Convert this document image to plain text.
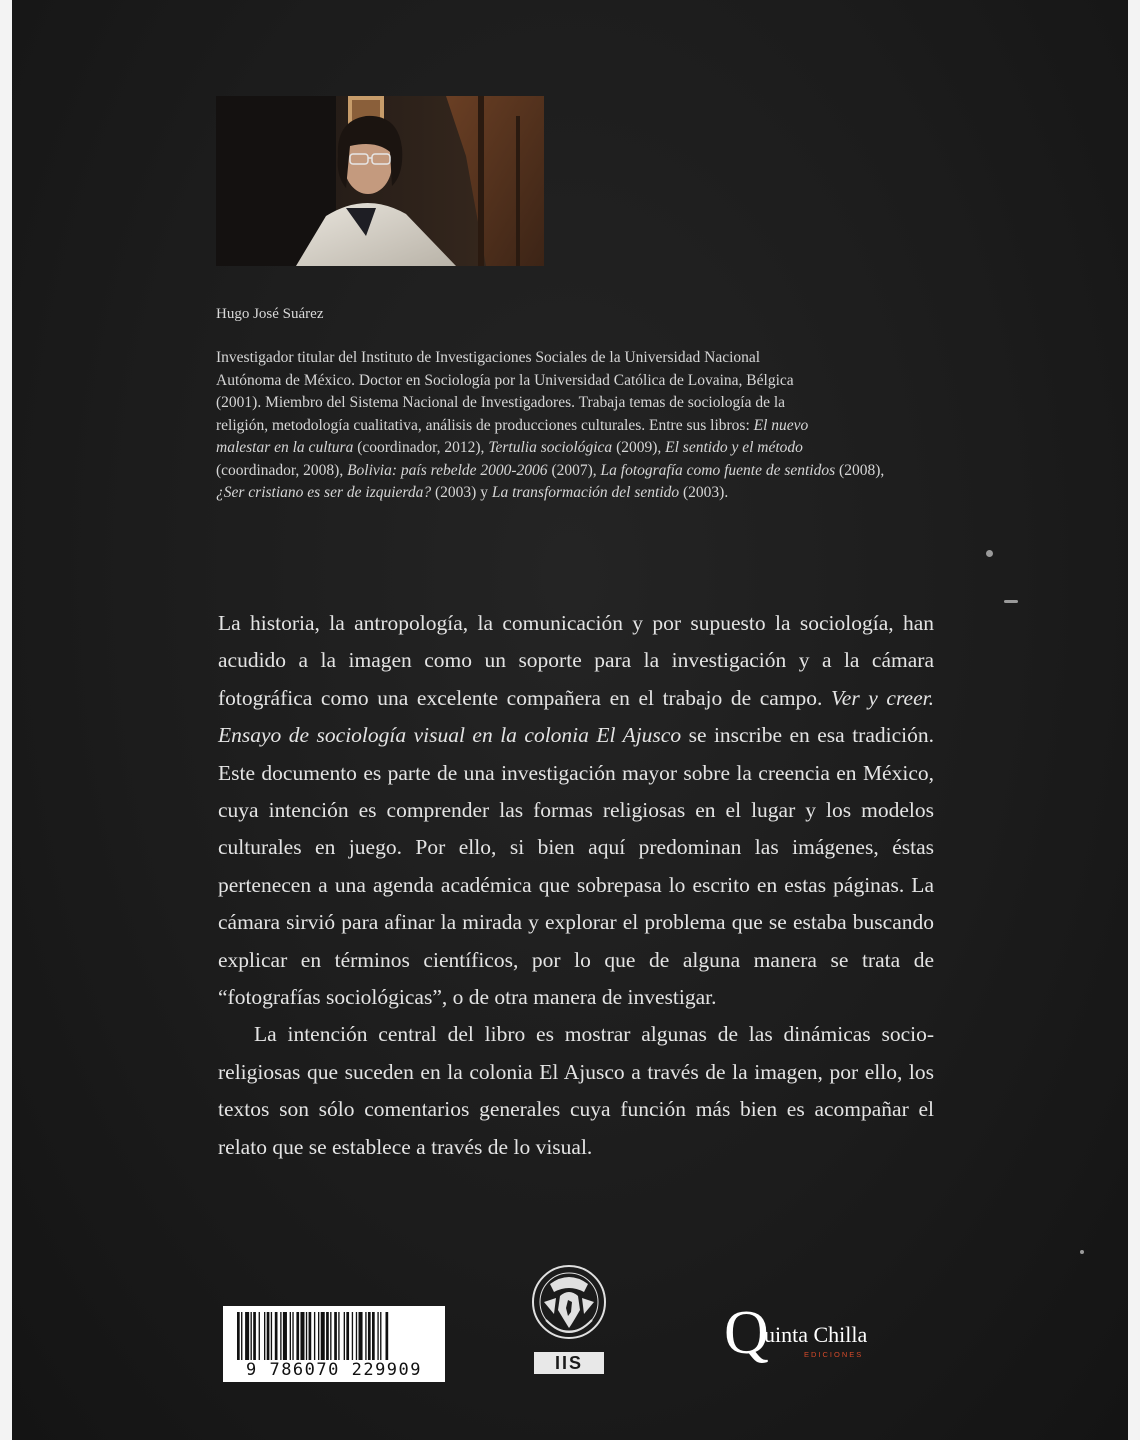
Hugo José Suárez
Investigador titular del Instituto de Investigaciones Sociales de la Universidad Nacional
Autónoma de México. Doctor en Sociología por la Universidad Católica de Lovaina, Bélgica
(2001). Miembro del Sistema Nacional de Investigadores. Trabaja temas de sociología de la
religión, metodología cualitativa, análisis de producciones culturales. Entre sus libros: El nuevo
malestar en la cultura (coordinador, 2012), Tertulia sociológica (2009), El sentido y el método
(coordinador, 2008), Bolivia: país rebelde 2000-2006 (2007), La fotografía como fuente de sentidos (2008),
¿Ser cristiano es ser de izquierda? (2003) y La transformación del sentido (2003).

La historia, la antropología, la comunicación y por supuesto la sociología, han acudido a la imagen como un soporte para la investigación y a la cámara fotográfica como una excelente compañera en el trabajo de campo. Ver y creer. Ensayo de sociología visual en la colonia El Ajusco se inscribe en esa tradición. Este documento es parte de una investigación mayor sobre la creencia en México, cuya intención es comprender las formas religiosas en el lugar y los modelos culturales en juego. Por ello, si bien aquí predominan las imágenes, éstas pertenecen a una agenda académica que sobrepasa lo escrito en estas páginas. La cámara sirvió para afinar la mirada y explorar el problema que se estaba buscando explicar en términos científicos, por lo que de alguna manera se trata de “fotografías sociológicas”, o de otra manera de investigar.

La intención central del libro es mostrar algunas de las dinámicas socio-religiosas que suceden en la colonia El Ajusco a través de la imagen, por ello, los textos son sólo comentarios generales cuya función más bien es acompañar el relato que se establece a través de lo visual.

9 786070 229909	IIS	Q
uinta Chilla
EDICIONES
